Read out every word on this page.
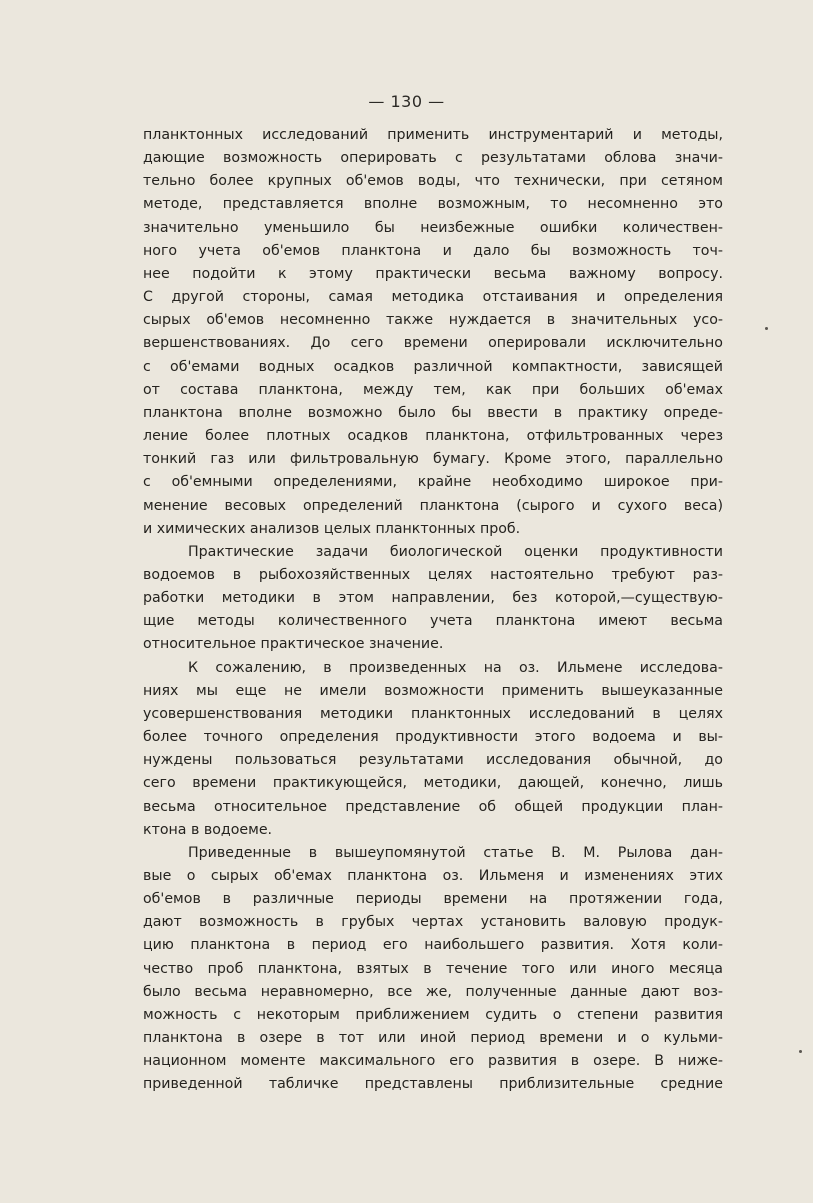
— 130 —
планктонных исследований применить инструментарий и методы,
дающие возможность оперировать с результатами облова значи-
тельно более крупных об'емов воды, что технически, при сетяном
методе, представляется вполне возможным, то несомненно это
значительно уменьшило бы неизбежные ошибки количествен-
ного учета об'емов планктона и дало бы возможность точ-
нее подойти к этому практически весьма важному вопросу.
С другой стороны, самая методика отстаивания и определения
сырых об'емов несомненно также нуждается в значительных усо-
вершенствованиях. До сего времени оперировали исключительно
с об'емами водных осадков различной компактности, зависящей
от состава планктона, между тем, как при больших об'емах
планктона вполне возможно было бы ввести в практику опреде-
ление более плотных осадков планктона, отфильтрованных через
тонкий газ или фильтровальную бумагу. Кроме этого, параллельно
с об'емными определениями, крайне необходимо широкое при-
менение весовых определений планктона (сырого и сухого веса)
и химических анализов целых планктонных проб.
Практические задачи биологической оценки продуктивности
водоемов в рыбохозяйственных целях настоятельно требуют раз-
работки методики в этом направлении, без которой,—существую-
щие методы количественного учета планктона имеют весьма
относительное практическое значение.
К сожалению, в произведенных на оз. Ильмене исследова-
ниях мы еще не имели возможности применить вышеуказанные
усовершенствования методики планктонных исследований в целях
более точного определения продуктивности этого водоема и вы-
нуждены пользоваться результатами исследования обычной, до
сего времени практикующейся, методики, дающей, конечно, лишь
весьма относительное представление об общей продукции план-
ктона в водоеме.
Приведенные в вышеупомянутой статье В. М. Рылова дан-
вые о сырых об'емах планктона оз. Ильменя и изменениях этих
об'емов в различные периоды времени на протяжении года,
дают возможность в грубых чертах установить валовую продук-
цию планктона в период его наибольшего развития. Хотя коли-
чество проб планктона, взятых в течение того или иного месяца
было весьма неравномерно, все же, полученные данные дают воз-
можность с некоторым приближением судить о степени развития
планктона в озере в тот или иной период времени и о кульми-
национном моменте максимального его развития в озере. В ниже-
приведенной табличке представлены приблизительные средние
